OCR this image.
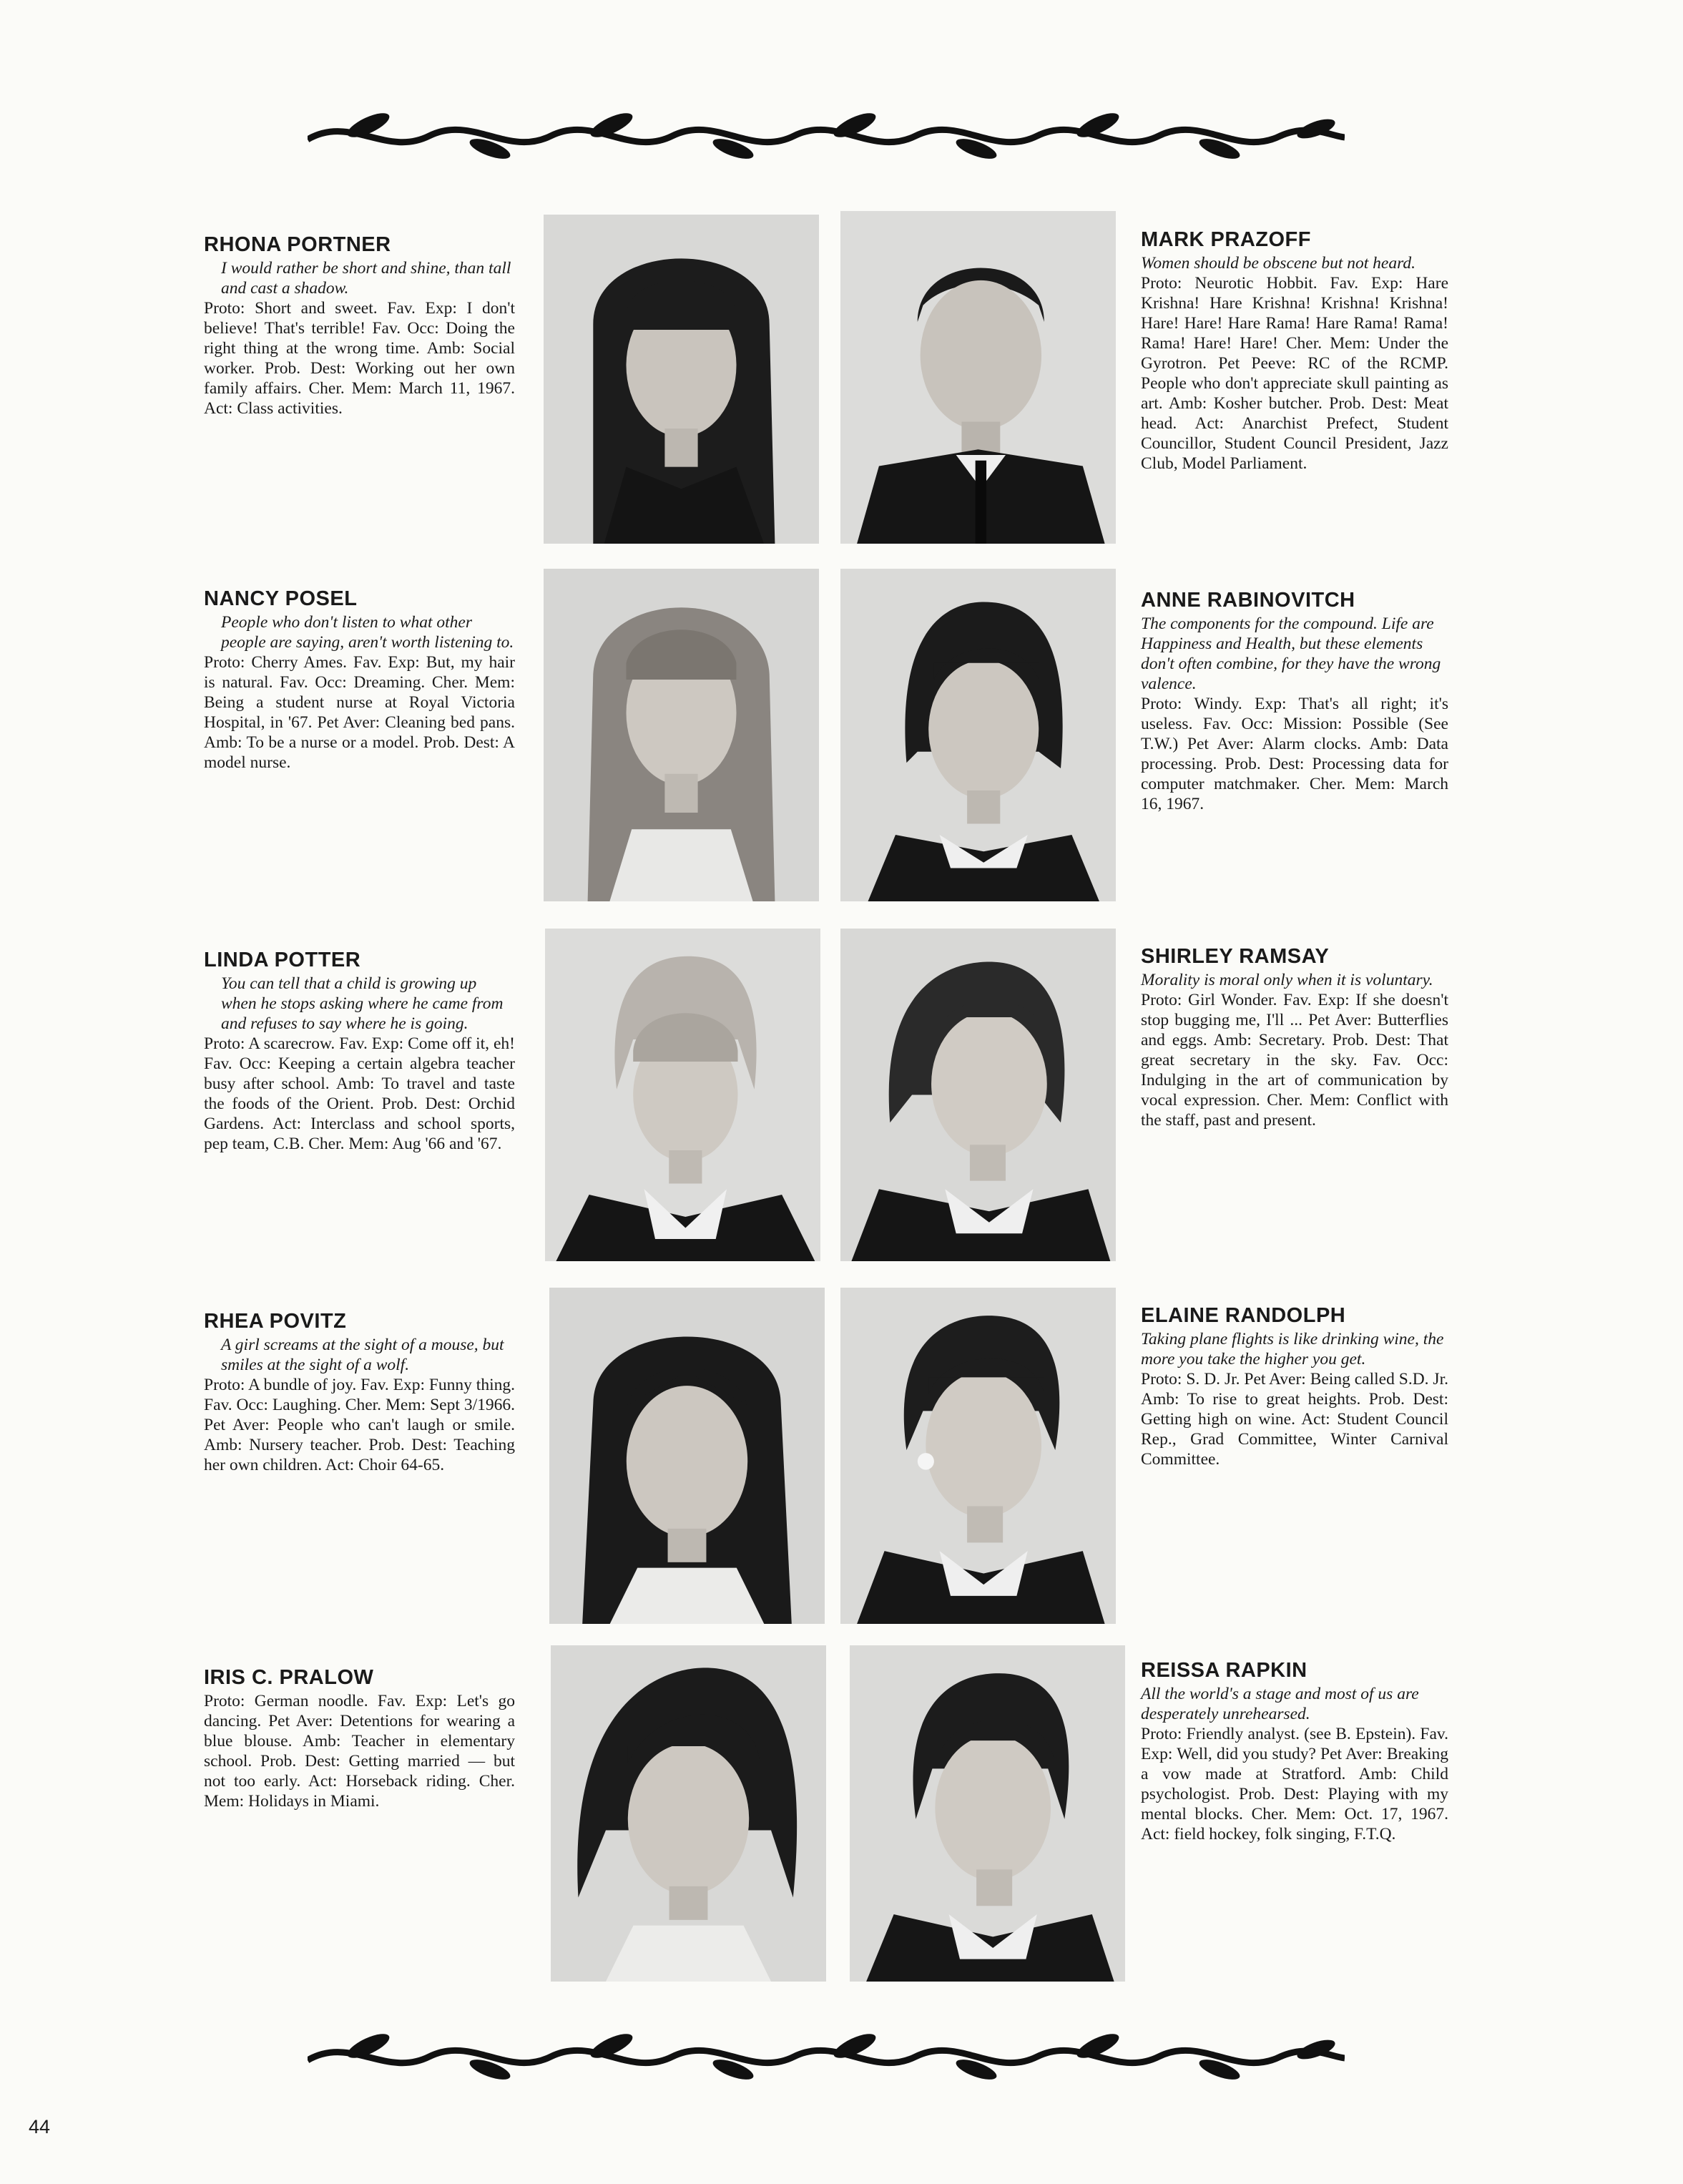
RHONA PORTNER

I would rather be short and shine, than tall and cast a shadow.

Proto: Short and sweet. Fav. Exp: I don't believe! That's terrible! Fav. Occ: Doing the right thing at the wrong time. Amb: Social worker. Prob. Dest: Working out her own family affairs. Cher. Mem: March 11, 1967. Act: Class activities.

MARK PRAZOFF

Women should be obscene but not heard.

Proto: Neurotic Hobbit. Fav. Exp: Hare Krishna! Hare Krishna! Krishna! Krishna! Hare! Hare! Hare Rama! Hare Rama! Rama! Rama! Hare! Hare! Cher. Mem: Under the Gyrotron. Pet Peeve: RC of the RCMP. People who don't appreciate skull painting as art. Amb: Kosher butcher. Prob. Dest: Meat head. Act: Anarchist Prefect, Student Councillor, Student Council President, Jazz Club, Model Parliament.

NANCY POSEL

People who don't listen to what other people are saying, aren't worth listening to.

Proto: Cherry Ames. Fav. Exp: But, my hair is natural. Fav. Occ: Dreaming. Cher. Mem: Being a student nurse at Royal Victoria Hospital, in '67. Pet Aver: Cleaning bed pans. Amb: To be a nurse or a model. Prob. Dest: A model nurse.

ANNE RABINOVITCH

The components for the compound. Life are Happiness and Health, but these elements don't often combine, for they have the wrong valence.

Proto: Windy. Exp: That's all right; it's useless. Fav. Occ: Mission: Possible (See T.W.) Pet Aver: Alarm clocks. Amb: Data processing. Prob. Dest: Processing data for computer matchmaker. Cher. Mem: March 16, 1967.

LINDA POTTER

You can tell that a child is growing up when he stops asking where he came from and refuses to say where he is going.

Proto: A scarecrow. Fav. Exp: Come off it, eh! Fav. Occ: Keeping a certain algebra teacher busy after school. Amb: To travel and taste the foods of the Orient. Prob. Dest: Orchid Gardens. Act: Interclass and school sports, pep team, C.B. Cher. Mem: Aug '66 and '67.

SHIRLEY RAMSAY

Morality is moral only when it is voluntary.

Proto: Girl Wonder. Fav. Exp: If she doesn't stop bugging me, I'll ... Pet Aver: Butterflies and eggs. Amb: Secretary. Prob. Dest: That great secretary in the sky. Fav. Occ: Indulging in the art of communication by vocal expression. Cher. Mem: Conflict with the staff, past and present.

RHEA POVITZ

A girl screams at the sight of a mouse, but smiles at the sight of a wolf.

Proto: A bundle of joy. Fav. Exp: Funny thing. Fav. Occ: Laughing. Cher. Mem: Sept 3/1966. Pet Aver: People who can't laugh or smile. Amb: Nursery teacher. Prob. Dest: Teaching her own children. Act: Choir 64-65.

ELAINE RANDOLPH

Taking plane flights is like drinking wine, the more you take the higher you get.

Proto: S. D. Jr. Pet Aver: Being called S.D. Jr. Amb: To rise to great heights. Prob. Dest: Getting high on wine. Act: Student Council Rep., Grad Committee, Winter Carnival Committee.

IRIS C. PRALOW

Proto: German noodle. Fav. Exp: Let's go dancing. Pet Aver: Detentions for wearing a blue blouse. Amb: Teacher in elementary school. Prob. Dest: Getting married — but not too early. Act: Horseback riding. Cher. Mem: Holidays in Miami.

REISSA RAPKIN

All the world's a stage and most of us are desperately unrehearsed.

Proto: Friendly analyst. (see B. Epstein). Fav. Exp: Well, did you study? Pet Aver: Breaking a vow made at Stratford. Amb: Child psychologist. Prob. Dest: Playing with my mental blocks. Cher. Mem: Oct. 17, 1967. Act: field hockey, folk singing, F.T.Q.

44
